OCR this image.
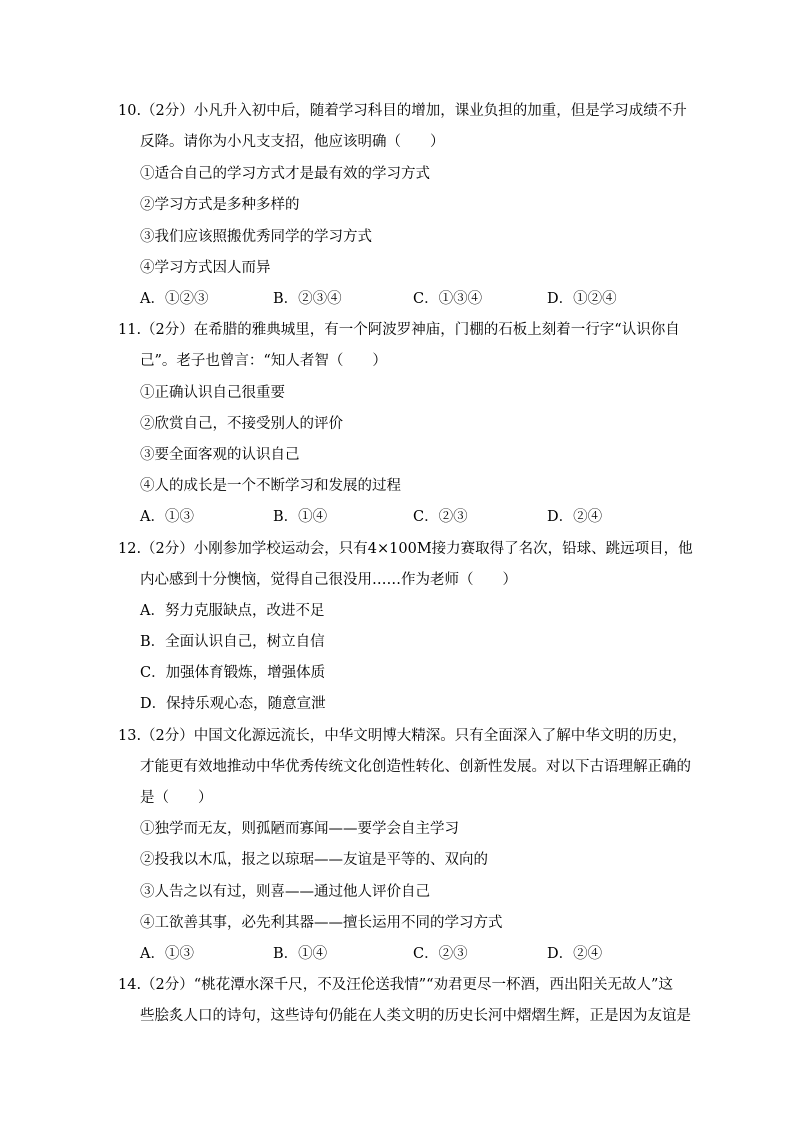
10.（2分）小凡升入初中后，随着学习科目的增加，课业负担的加重，但是学习成绩不升
反降。请你为小凡支支招，他应该明确（　　）
①适合自己的学习方式才是最有效的学习方式
②学习方式是多种多样的
③我们应该照搬优秀同学的学习方式
④学习方式因人而异
A．①②③	B．②③④	C．①③④	D．①②④
11.（2分）在希腊的雅典城里，有一个阿波罗神庙，门棚的石板上刻着一行字“认识你自
己”。老子也曾言：“知人者智（　　）
①正确认识自己很重要
②欣赏自己，不接受别人的评价
③要全面客观的认识自己
④人的成长是一个不断学习和发展的过程
A．①③	B．①④	C．②③	D．②④
12.（2分）小刚参加学校运动会，只有4×100M接力赛取得了名次，铅球、跳远项目，他
内心感到十分懊恼，觉得自己很没用……作为老师（　　）
A．努力克服缺点，改进不足
B．全面认识自己，树立自信
C．加强体育锻炼，增强体质
D．保持乐观心态，随意宣泄
13.（2分）中国文化源远流长，中华文明博大精深。只有全面深入了解中华文明的历史，
才能更有效地推动中华优秀传统文化创造性转化、创新性发展。对以下古语理解正确的
是（　　）
①独学而无友，则孤陋而寡闻——要学会自主学习
②投我以木瓜，报之以琼琚——友谊是平等的、双向的
③人告之以有过，则喜——通过他人评价自己
④工欲善其事，必先利其器——擅长运用不同的学习方式
A．①③	B．①④	C．②③	D．②④
14.（2分）“桃花潭水深千尺，不及汪伦送我情”“劝君更尽一杯酒，西出阳关无故人”这
些脍炙人口的诗句，这些诗句仍能在人类文明的历史长河中熠熠生辉，正是因为友谊是
